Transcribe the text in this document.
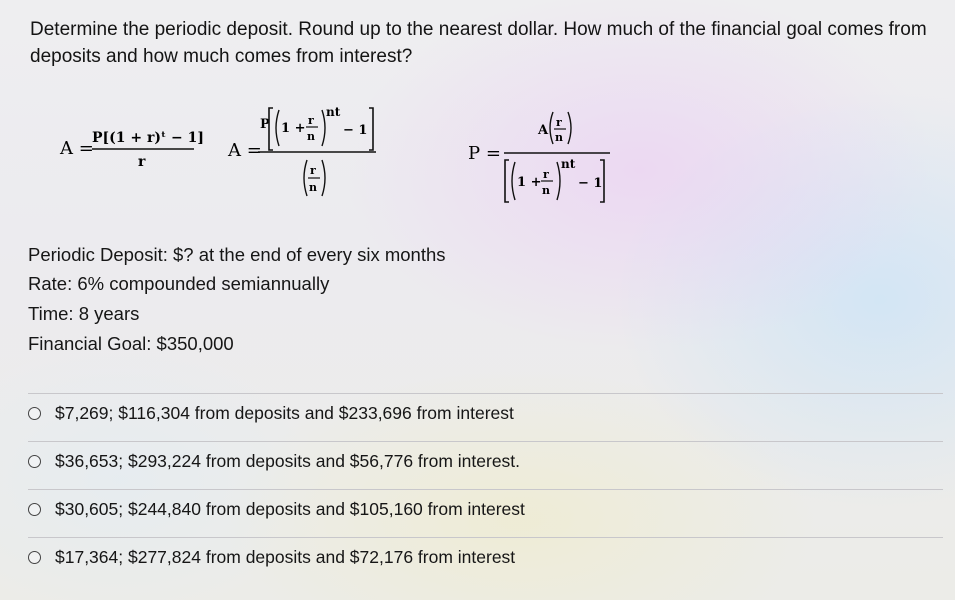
Determine the periodic deposit. Round up to the nearest dollar. How much of the financial goal comes from deposits and how much comes from interest?
A =
P[(1 + r)ᵗ − 1]
r
A =
P 1 +
r
n
nt
− 1
r
n
P =
A
r
n
1 +
r
n
nt
− 1
Periodic Deposit: $? at the end of every six months
Rate: 6% compounded semiannually
Time: 8 years
Financial Goal: $350,000
$7,269; $116,304 from deposits and $233,696 from interest
$36,653; $293,224 from deposits and $56,776 from interest.
$30,605; $244,840 from deposits and $105,160 from interest
$17,364; $277,824 from deposits and $72,176 from interest
